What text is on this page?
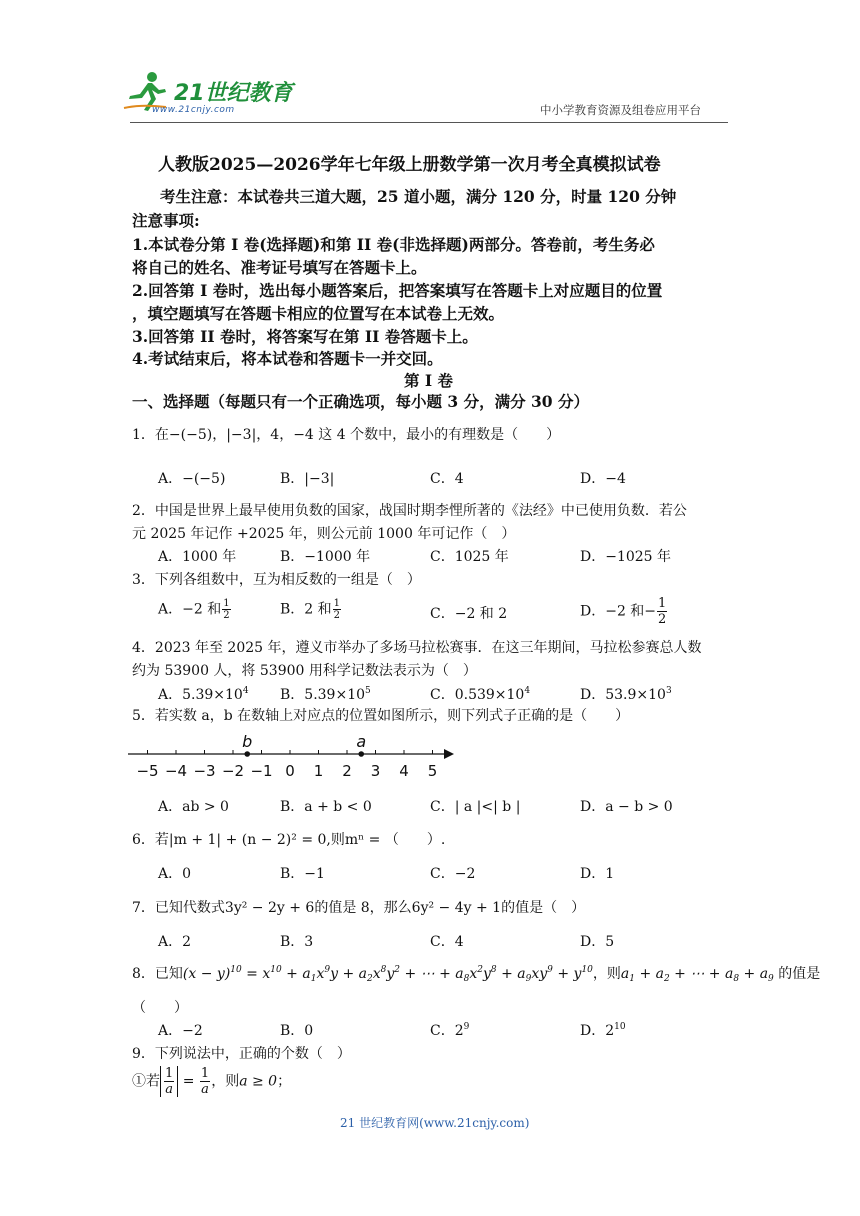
21世纪教育
www.21cnjy.com	中小学教育资源及组卷应用平台
人教版2025—2026学年七年级上册数学第一次月考全真模拟试卷
考生注意：本试卷共三道大题，25 道小题，满分 120 分，时量 120 分钟
注意事项:
1.本试卷分第 I 卷(选择题)和第 II 卷(非选择题)两部分。答卷前，考生务必
将自己的姓名、准考证号填写在答题卡上。
2.回答第 I 卷时，选出每小题答案后，把答案填写在答题卡上对应题目的位置
，填空题填写在答题卡相应的位置写在本试卷上无效。
3.回答第 II 卷时，将答案写在第 II 卷答题卡上。
4.考试结束后，将本试卷和答题卡一并交回。
第 I 卷
一、选择题（每题只有一个正确选项，每小题 3 分，满分 30 分）
1．在−(−5)，|−3|，4，−4 这 4 个数中，最小的有理数是（　　）
A．−(−5)	B．|−3|	C．4	D．−4
2．中国是世界上最早使用负数的国家，战国时期李悝所著的《法经》中已使用负数．若公
元 2025 年记作 +2025 年，则公元前 1000 年可记作（　）
A．1000 年	B．−1000 年	C．1025 年	D．−1025 年
3．下列各组数中，互为相反数的一组是（　）
A．−2 和 $\frac{1}{2}$	B．2 和 $\frac{1}{2}$	C．−2 和 2	D．−2 和− $\frac{1}{2}$
4．2023 年至 2025 年，遵义市举办了多场马拉松赛事．在这三年期间，马拉松参赛总人数
约为 53900 人，将 53900 用科学记数法表示为（　）
A．$5.39\times 10^4$ B．$5.39\times 10^5$	C．$0.539\times 10^4$	D．$53.9\times 10^3$
5．若实数 a，b 在数轴上对应点的位置如图所示，则下列式子正确的是（　　）
−5 −4 −3 −2 −1 0 1 2 3 4 5
b	a
A．ab > 0	B．a + b < 0	C．| a |<| b |	D．a − b > 0
6．若|m + 1| + (n − 2)² = 0,则mⁿ = （　　）.
A．0	B．−1	C．−2	D．1
7．已知代数式3y² − 2y + 6的值是 8，那么6y² − 4y + 1的值是（　）
A．2	B．3	C．4	D．5
8．已知$(x - y)^{10} = x^{10} + a_1x^9y + a_2x^8y^2$ + ⋯ + $a_8x^2y^8 + a_9xy^9 + y^{10}$，则$a_1 + a_2$ + ⋯ + $a_8 + a_9$ 的值是
（　　）
A．−2	B．0	C．$2^9$	D．$2^{10}$
9．下列说法中，正确的个数（　）
①若 $\frac{1}{a} = \frac{1}{a}$ ，则a ≥ 0；
21 世纪教育网(www.21cnjy.com)
